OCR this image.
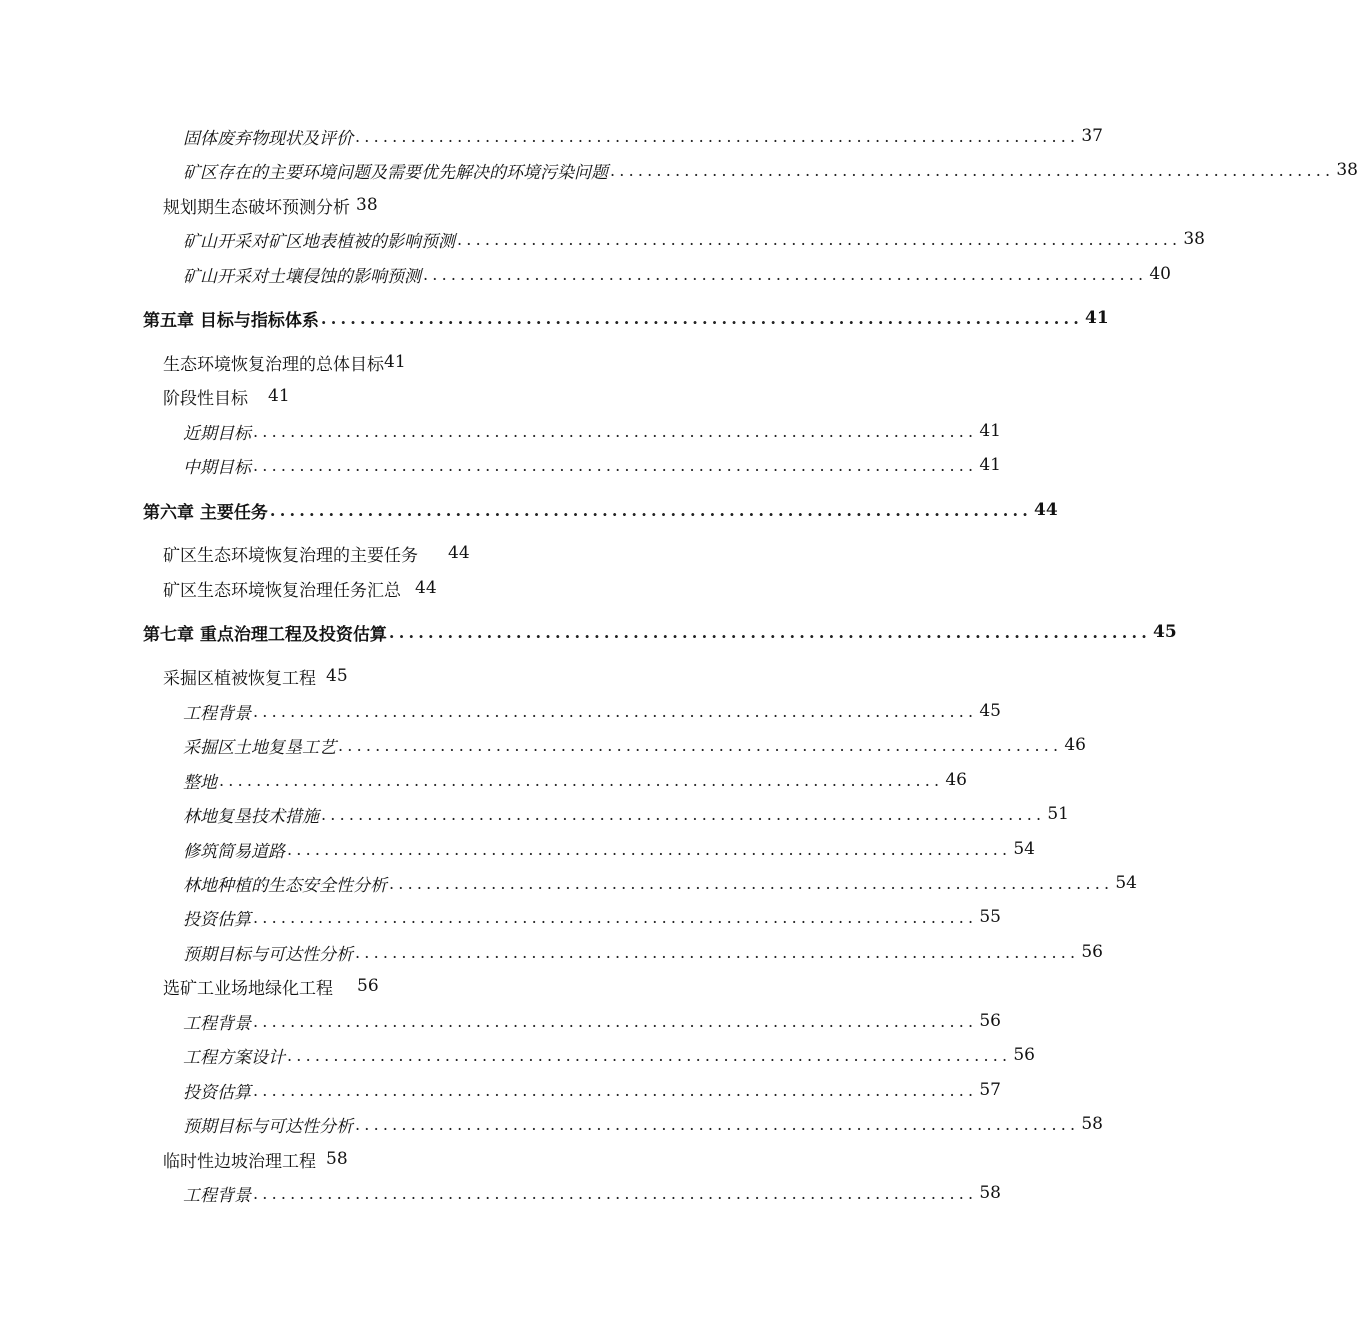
固体废弃物现状及评价 .............................................................................. 37
矿区存在的主要环境问题及需要优先解决的环境污染问题 .............................................................................. 38
规划期生态破坏预测分析 38
矿山开采对矿区地表植被的影响预测 .............................................................................. 38
矿山开采对土壤侵蚀的影响预测 .............................................................................. 40
第五章 目标与指标体系 .............................................................................. 41
生态环境恢复治理的总体目标 41
阶段性目标 41
近期目标 .............................................................................. 41
中期目标 .............................................................................. 41
第六章 主要任务 .............................................................................. 44
矿区生态环境恢复治理的主要任务 44
矿区生态环境恢复治理任务汇总 44
第七章 重点治理工程及投资估算 .............................................................................. 45
采掘区植被恢复工程 45
工程背景 .............................................................................. 45
采掘区土地复垦工艺 .............................................................................. 46
整地 .............................................................................. 46
林地复垦技术措施 .............................................................................. 51
修筑简易道路 .............................................................................. 54
林地种植的生态安全性分析 .............................................................................. 54
投资估算 .............................................................................. 55
预期目标与可达性分析 .............................................................................. 56
选矿工业场地绿化工程 56
工程背景 .............................................................................. 56
工程方案设计 .............................................................................. 56
投资估算 .............................................................................. 57
预期目标与可达性分析 .............................................................................. 58
临时性边坡治理工程 58
工程背景 .............................................................................. 58
